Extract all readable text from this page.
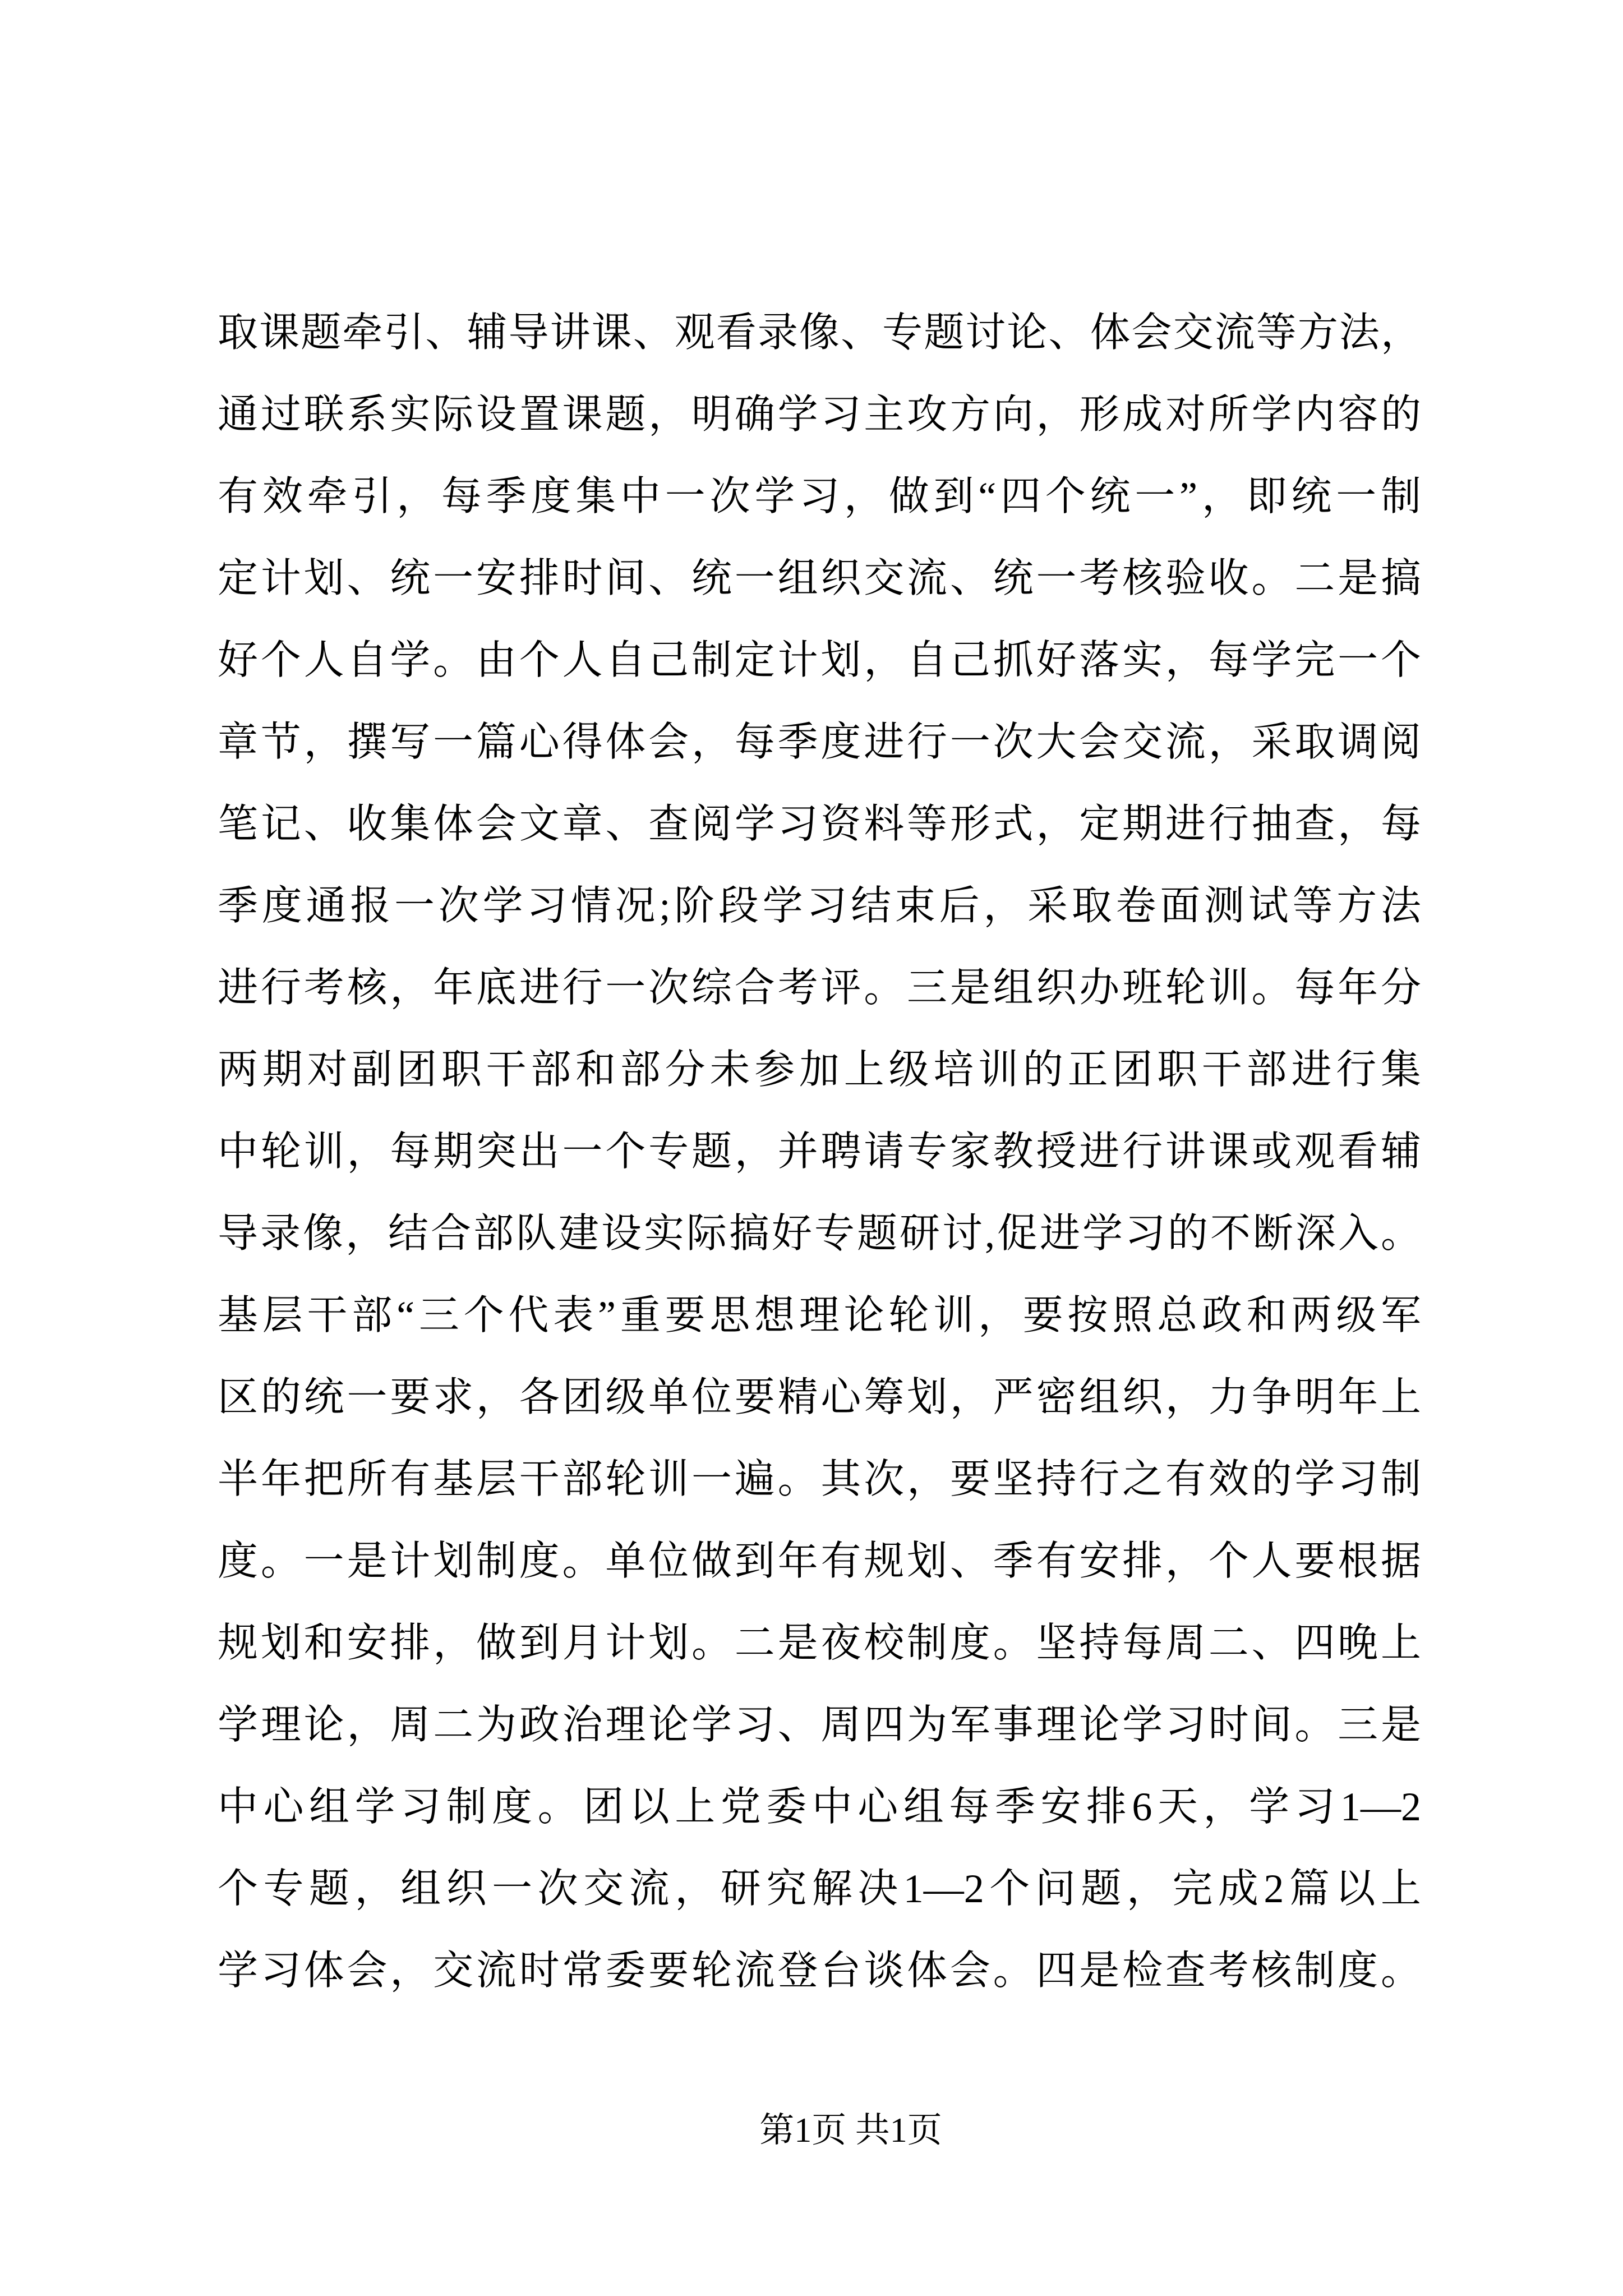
取课题牵引、辅导讲课、观看录像、专题讨论、体会交流等方法，
通过联系实际设置课题，明确学习主攻方向，形成对所学内容的
有效牵引，每季度集中一次学习，做到“四个统一”，即统一制
定计划、统一安排时间、统一组织交流、统一考核验收。二是搞
好个人自学。由个人自己制定计划，自己抓好落实，每学完一个
章节，撰写一篇心得体会，每季度进行一次大会交流，采取调阅
笔记、收集体会文章、查阅学习资料等形式，定期进行抽查，每
季度通报一次学习情况;阶段学习结束后，采取卷面测试等方法
进行考核，年底进行一次综合考评。三是组织办班轮训。每年分
两期对副团职干部和部分未参加上级培训的正团职干部进行集
中轮训，每期突出一个专题，并聘请专家教授进行讲课或观看辅
导录像，结合部队建设实际搞好专题研讨,促进学习的不断深入。
基层干部“三个代表”重要思想理论轮训，要按照总政和两级军
区的统一要求，各团级单位要精心筹划，严密组织，力争明年上
半年把所有基层干部轮训一遍。其次，要坚持行之有效的学习制
度。一是计划制度。单位做到年有规划、季有安排，个人要根据
规划和安排，做到月计划。二是夜校制度。坚持每周二、四晚上
学理论，周二为政治理论学习、周四为军事理论学习时间。三是
中心组学习制度。团以上党委中心组每季安排6天，学习1—2
个专题，组织一次交流，研究解决1—2个问题，完成2篇以上
学习体会，交流时常委要轮流登台谈体会。四是检查考核制度。
第1页 共1页
